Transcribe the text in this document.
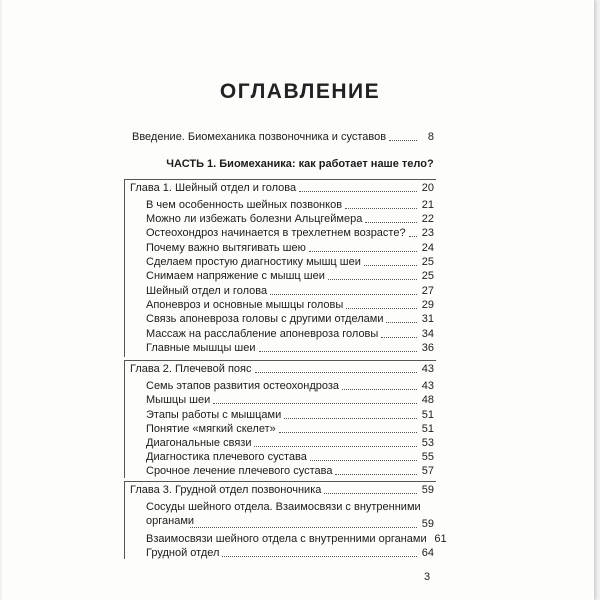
ОГЛАВЛЕНИЕ
Введение. Биомеханика позвоночника и суставов	8
ЧАСТЬ 1. Биомеханика: как работает наше тело?
Глава 1. Шейный отдел и голова	20
В чем особенность шейных позвонков	21
Можно ли избежать болезни Альцгеймера	22
Остеохондроз начинается в трехлетнем возрасте? 23
Почему важно вытягивать шею	24
Сделаем простую диагностику мышц шеи	25
Снимаем напряжение с мышц шеи	25
Шейный отдел и голова	27
Апоневроз и основные мышцы головы	29
Связь апоневроза головы с другими отделами	31
Массаж на расслабление апоневроза головы	34
Главные мышцы шеи	36
Глава 2. Плечевой пояс	43
Семь этапов развития остеохондроза	43
Мышцы шеи	48
Этапы работы с мышцами	51
Понятие «мягкий скелет»	51
Диагональные связи	53
Диагностика плечевого сустава	55
Срочное лечение плечевого сустава	57
Глава 3. Грудной отдел позвоночника	59
Сосуды шейного отдела. Взаимосвязи с внутренними органами	59
Взаимосвязи шейного отдела с внутренними органами 61
Грудной отдел	64
3
